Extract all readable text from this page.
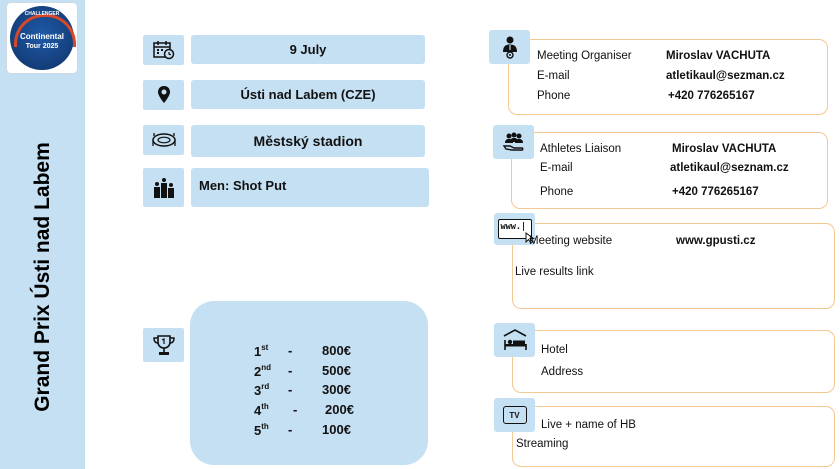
CHALLENGER
Continental
Tour 2025
Grand Prix Ústi nad Labem
9 July
Ústi nad Labem (CZE)
Městský stadion
Men: Shot Put
1st - 800€
2nd - 500€
3rd - 300€
4th - 200€
5th - 100€
Meeting Organiser	Miroslav VACHUTA
E-mail	atletikaul@sezman.cz
Phone	+420 776265167
Athletes Liaison	Miroslav VACHUTA
E-mail	atletikaul@seznam.cz
Phone	+420 776265167
www.|
Meeting website	www.gpusti.cz
Live results link
Hotel
Address
TV
Live + name of HB
Streaming
